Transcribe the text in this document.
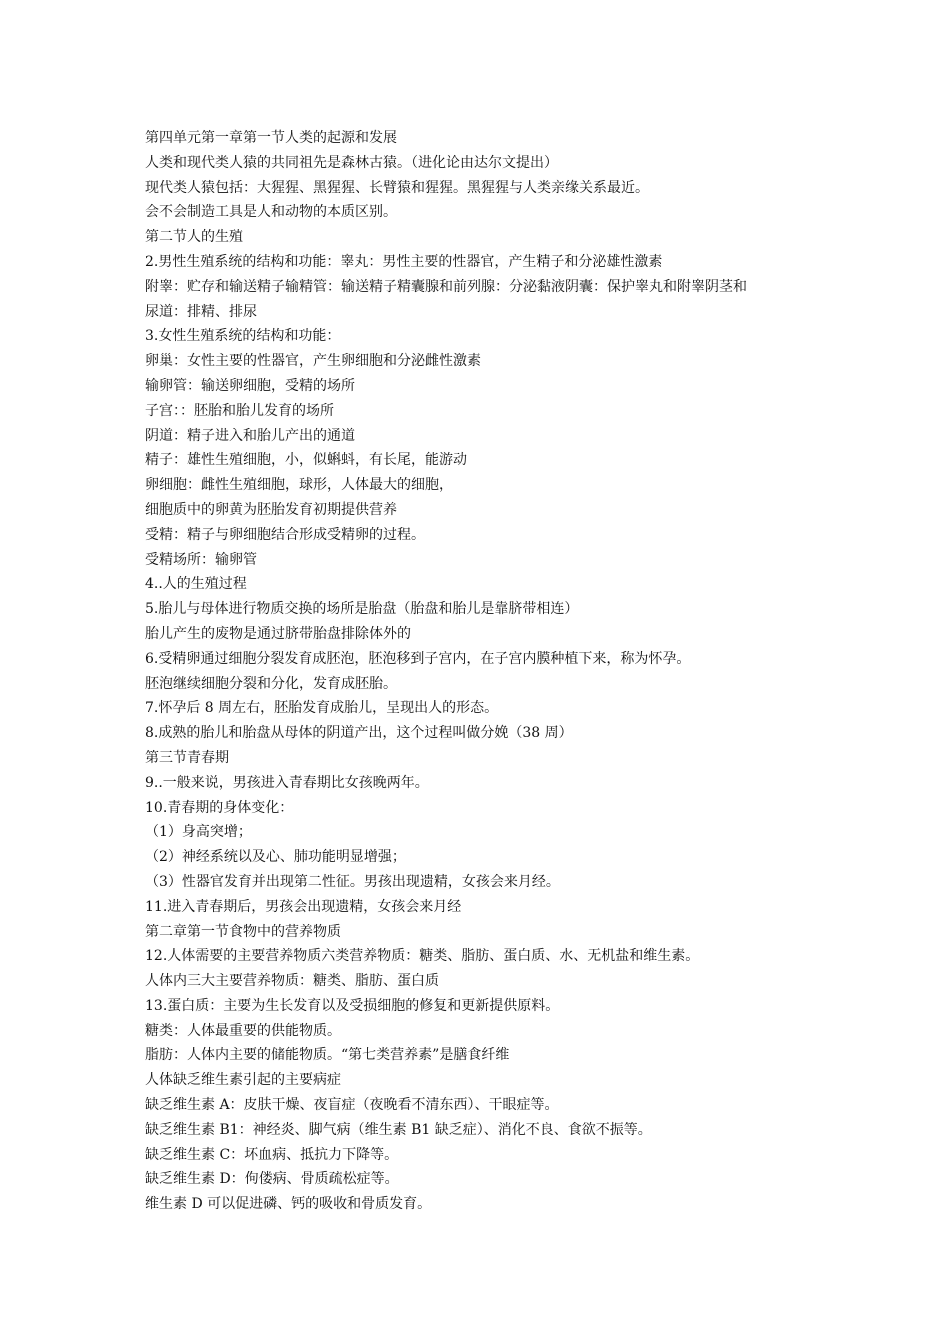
第四单元第一章第一节人类的起源和发展
人类和现代类人猿的共同祖先是森林古猿。（进化论由达尔文提出）
现代类人猿包括：大猩猩、黑猩猩、长臂猿和猩猩。黑猩猩与人类亲缘关系最近。
会不会制造工具是人和动物的本质区别。
第二节人的生殖
2.男性生殖系统的结构和功能：睾丸：男性主要的性器官，产生精子和分泌雄性激素
附睾：贮存和输送精子输精管：输送精子精囊腺和前列腺：分泌黏液阴囊：保护睾丸和附睾阴茎和
尿道：排精、排尿
3.女性生殖系统的结构和功能：
卵巢：女性主要的性器官，产生卵细胞和分泌雌性激素
输卵管：输送卵细胞，受精的场所
子宫：：胚胎和胎儿发育的场所
阴道：精子进入和胎儿产出的通道
精子：雄性生殖细胞，小，似蝌蚪，有长尾，能游动
卵细胞：雌性生殖细胞，球形，人体最大的细胞，
细胞质中的卵黄为胚胎发育初期提供营养
受精：精子与卵细胞结合形成受精卵的过程。
受精场所：输卵管
4..人的生殖过程
5.胎儿与母体进行物质交换的场所是胎盘（胎盘和胎儿是靠脐带相连）
胎儿产生的废物是通过脐带胎盘排除体外的
6.受精卵通过细胞分裂发育成胚泡，胚泡移到子宫内，在子宫内膜种植下来，称为怀孕。
胚泡继续细胞分裂和分化，发育成胚胎。
7.怀孕后 8 周左右，胚胎发育成胎儿，呈现出人的形态。
8.成熟的胎儿和胎盘从母体的阴道产出，这个过程叫做分娩（38 周）
第三节青春期
9..一般来说，男孩进入青春期比女孩晚两年。
10.青春期的身体变化：
（1）身高突增；
（2）神经系统以及心、肺功能明显增强；
（3）性器官发育并出现第二性征。男孩出现遗精，女孩会来月经。
11.进入青春期后，男孩会出现遗精，女孩会来月经
第二章第一节食物中的营养物质
12.人体需要的主要营养物质六类营养物质：糖类、脂肪、蛋白质、水、无机盐和维生素。
人体内三大主要营养物质：糖类、脂肪、蛋白质
13.蛋白质：主要为生长发育以及受损细胞的修复和更新提供原料。
糖类：人体最重要的供能物质。
脂肪：人体内主要的储能物质。“第七类营养素”是膳食纤维
人体缺乏维生素引起的主要病症
缺乏维生素 A：皮肤干燥、夜盲症（夜晚看不清东西）、干眼症等。
缺乏维生素 B1：神经炎、脚气病（维生素 B1 缺乏症）、消化不良、食欲不振等。
缺乏维生素 C：坏血病、抵抗力下降等。
缺乏维生素 D：佝偻病、骨质疏松症等。
维生素 D 可以促进磷、钙的吸收和骨质发育。
